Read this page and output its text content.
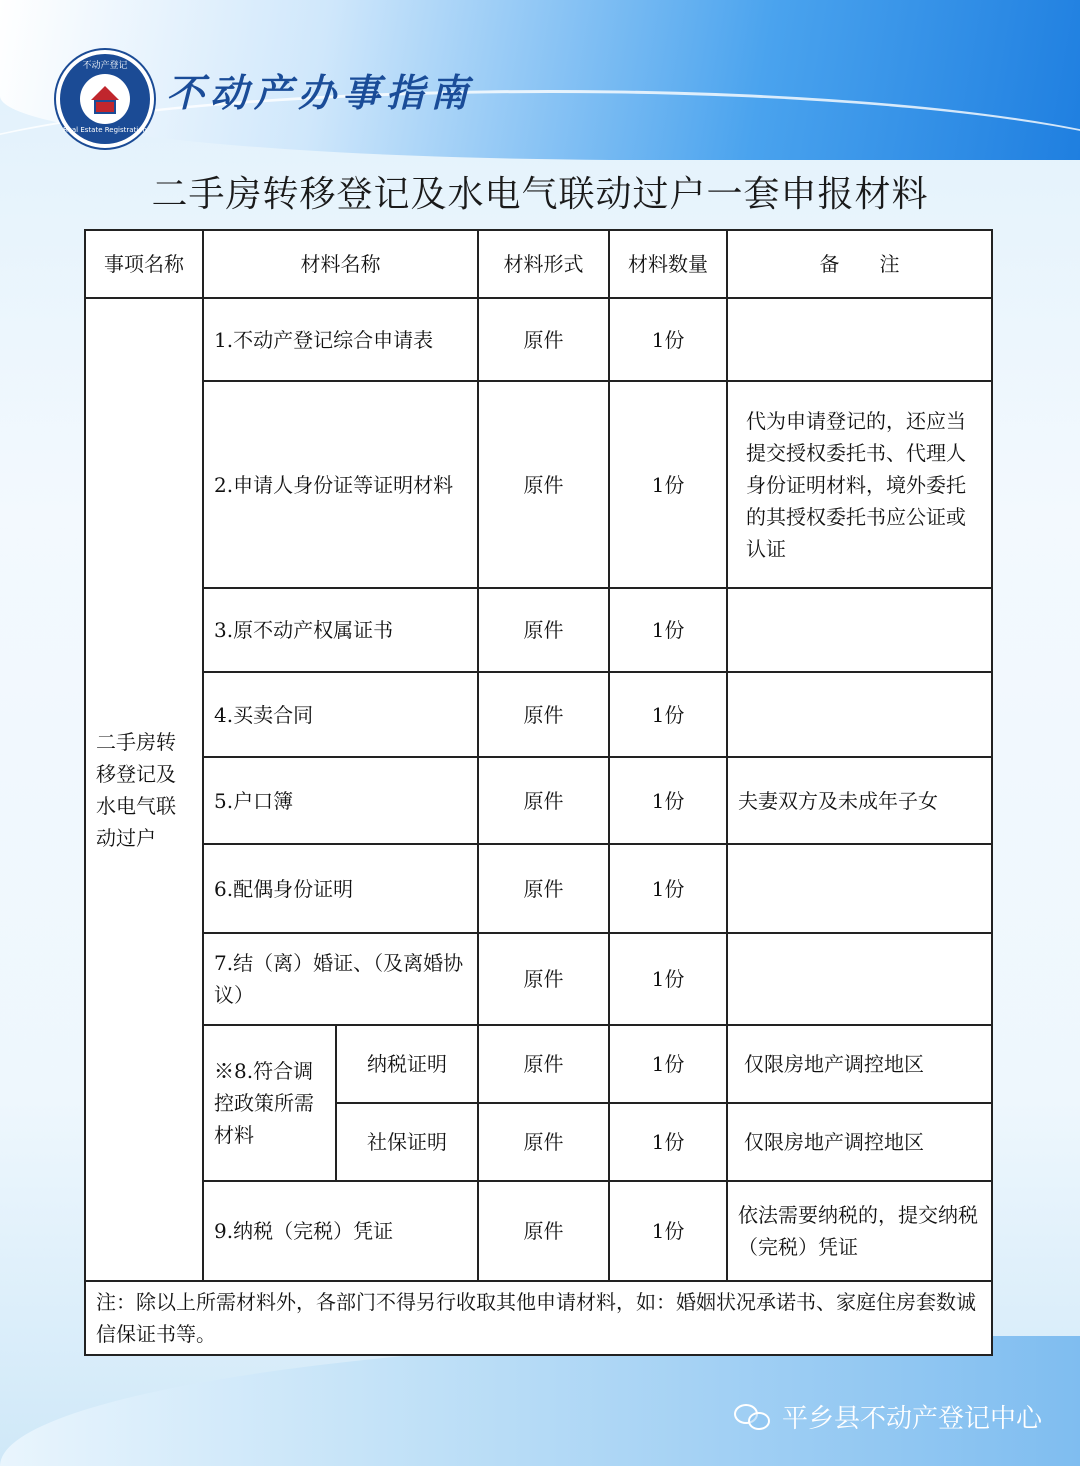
不动产登记
Real Estate Registration
不动产办事指南
二手房转移登记及水电气联动过户一套申报材料
事项名称	材料名称		材料形式	材料数量	备　　注
二手房转移登记及水电气联动过户	1.不动产登记综合申请表		原件	1份	
	2.申请人身份证等证明材料		原件	1份	代为申请登记的，还应当提交授权委托书、代理人身份证明材料，境外委托的其授权委托书应公证或认证
	3.原不动产权属证书		原件	1份	
	4.买卖合同		原件	1份	
	5.户口簿		原件	1份	夫妻双方及未成年子女
	6.配偶身份证明		原件	1份	
	7.结（离）婚证、（及离婚协议）		原件	1份	
	※8.符合调控政策所需材料	纳税证明	原件	1份	仅限房地产调控地区
		社保证明	原件	1份	仅限房地产调控地区
	9.纳税（完税）凭证		原件	1份	依法需要纳税的，提交纳税（完税）凭证
注：除以上所需材料外，各部门不得另行收取其他申请材料，如：婚姻状况承诺书、家庭住房套数诚信保证书等。					
平乡县不动产登记中心
